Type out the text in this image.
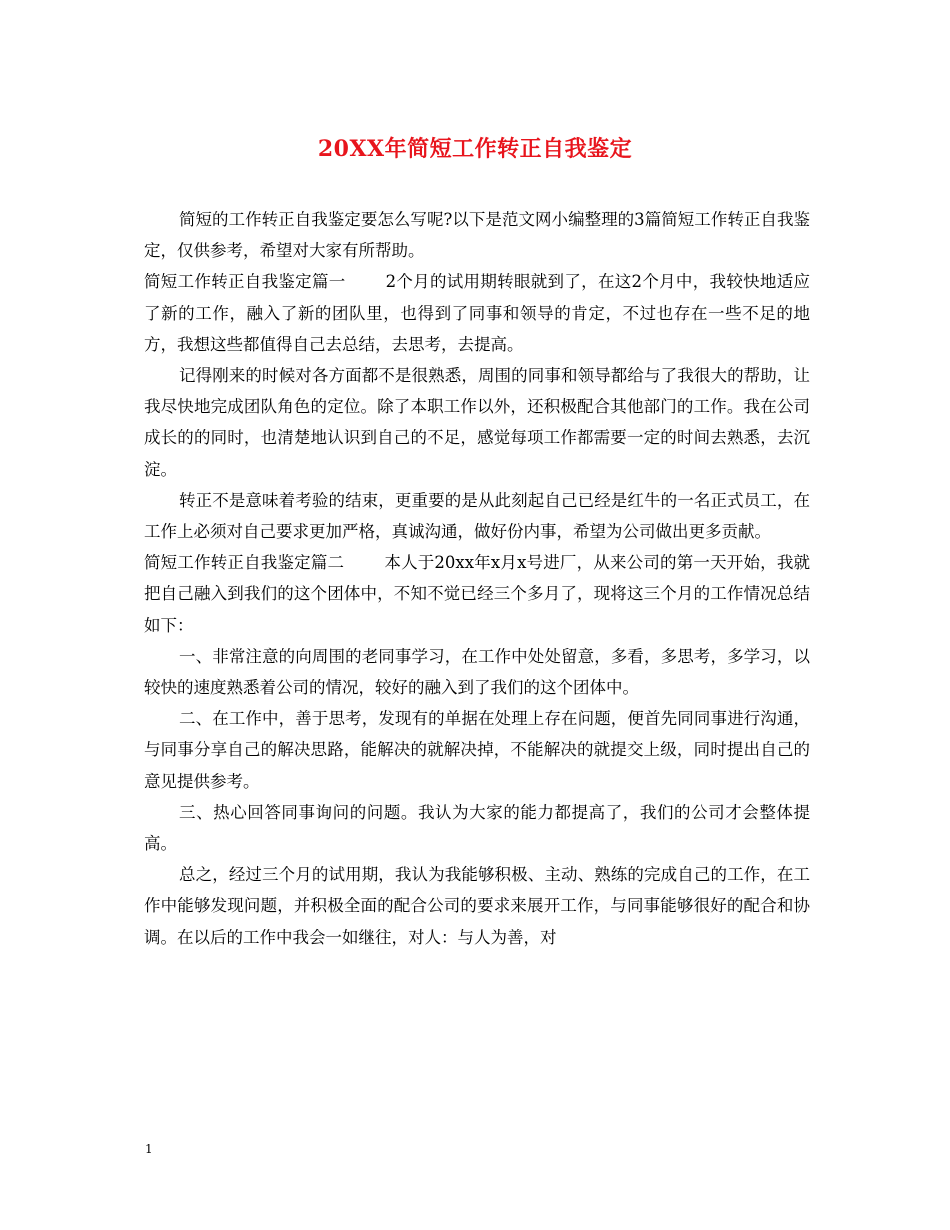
20XX年简短工作转正自我鉴定

简短的工作转正自我鉴定要怎么写呢?以下是范文网小编整理的3篇简短工作转正自我鉴定，仅供参考，希望对大家有所帮助。

简短工作转正自我鉴定篇一 2个月的试用期转眼就到了，在这2个月中，我较快地适应了新的工作，融入了新的团队里，也得到了同事和领导的肯定，不过也存在一些不足的地方，我想这些都值得自己去总结，去思考，去提高。

记得刚来的时候对各方面都不是很熟悉，周围的同事和领导都给与了我很大的帮助，让我尽快地完成团队角色的定位。除了本职工作以外，还积极配合其他部门的工作。我在公司成长的的同时，也清楚地认识到自己的不足，感觉每项工作都需要一定的时间去熟悉，去沉淀。

转正不是意味着考验的结束，更重要的是从此刻起自己已经是红牛的一名正式员工，在工作上必须对自己要求更加严格，真诚沟通，做好份内事，希望为公司做出更多贡献。

简短工作转正自我鉴定篇二 本人于20xx年x月x号进厂，从来公司的第一天开始，我就把自己融入到我们的这个团体中，不知不觉已经三个多月了，现将这三个月的工作情况总结如下：

一、非常注意的向周围的老同事学习，在工作中处处留意，多看，多思考，多学习，以较快的速度熟悉着公司的情况，较好的融入到了我们的这个团体中。

二、在工作中，善于思考，发现有的单据在处理上存在问题，便首先同同事进行沟通，与同事分享自己的解决思路，能解决的就解决掉，不能解决的就提交上级，同时提出自己的意见提供参考。

三、热心回答同事询问的问题。我认为大家的能力都提高了，我们的公司才会整体提高。

总之，经过三个月的试用期，我认为我能够积极、主动、熟练的完成自己的工作，在工作中能够发现问题，并积极全面的配合公司的要求来展开工作，与同事能够很好的配合和协调。在以后的工作中我会一如继往，对人：与人为善，对

1
